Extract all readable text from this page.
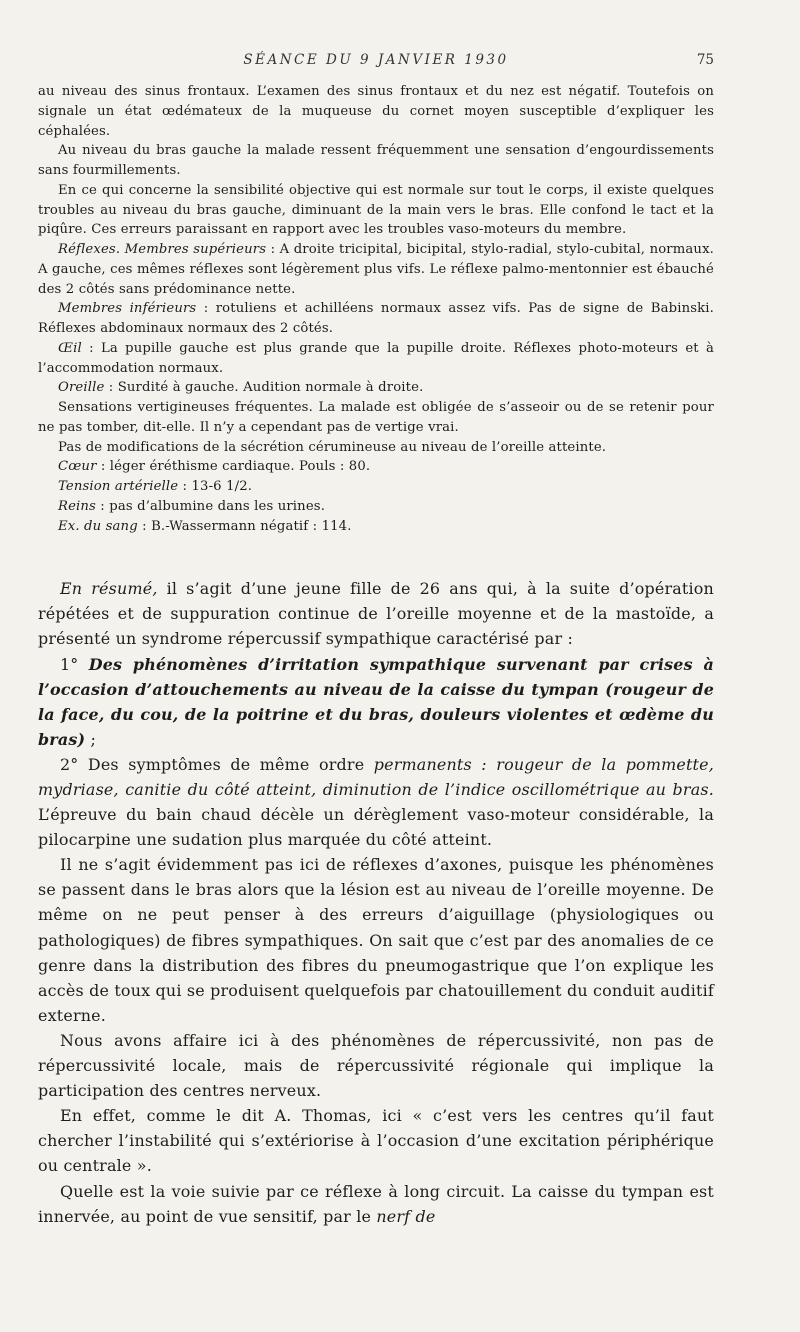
SÉANCE DU 9 JANVIER 1930	75

au niveau des sinus frontaux. L’examen des sinus frontaux et du nez est négatif. Toutefois on signale un état œdémateux de la muqueuse du cornet moyen susceptible d’expliquer les céphalées.

Au niveau du bras gauche la malade ressent fréquemment une sensation d’engourdissements sans fourmillements.

En ce qui concerne la sensibilité objective qui est normale sur tout le corps, il existe quelques troubles au niveau du bras gauche, diminuant de la main vers le bras. Elle confond le tact et la piqûre. Ces erreurs paraissant en rapport avec les troubles vaso-moteurs du membre.

Réflexes. Membres supérieurs : A droite tricipital, bicipital, stylo-radial, stylo-cubital, normaux. A gauche, ces mêmes réflexes sont légèrement plus vifs. Le réflexe palmo-mentonnier est ébauché des 2 côtés sans prédominance nette.

Membres inférieurs : rotuliens et achilléens normaux assez vifs. Pas de signe de Babinski. Réflexes abdominaux normaux des 2 côtés.

Œil : La pupille gauche est plus grande que la pupille droite. Réflexes photo-moteurs et à l’accommodation normaux.

Oreille : Surdité à gauche. Audition normale à droite.

Sensations vertigineuses fréquentes. La malade est obligée de s’asseoir ou de se retenir pour ne pas tomber, dit-elle. Il n’y a cependant pas de vertige vrai.

Pas de modifications de la sécrétion cérumineuse au niveau de l’oreille atteinte.

Cœur : léger éréthisme cardiaque. Pouls : 80.

Tension artérielle : 13-6 1/2.

Reins : pas d’albumine dans les urines.

Ex. du sang : B.-Wassermann négatif : 114.

En résumé, il s’agit d’une jeune fille de 26 ans qui, à la suite d’opération répétées et de suppuration continue de l’oreille moyenne et de la mastoïde, a présenté un syndrome répercussif sympathique caractérisé par :

1° Des phénomènes d’irritation sympathique survenant par crises à l’occasion d’attouchements au niveau de la caisse du tympan (rougeur de la face, du cou, de la poitrine et du bras, douleurs violentes et œdème du bras) ;

2° Des symptômes de même ordre permanents : rougeur de la pommette, mydriase, canitie du côté atteint, diminution de l’indice oscillométrique au bras. L’épreuve du bain chaud décèle un dérèglement vaso-moteur considérable, la pilocarpine une sudation plus marquée du côté atteint.

Il ne s’agit évidemment pas ici de réflexes d’axones, puisque les phénomènes se passent dans le bras alors que la lésion est au niveau de l’oreille moyenne. De même on ne peut penser à des erreurs d’aiguillage (physiologiques ou pathologiques) de fibres sympathiques. On sait que c’est par des anomalies de ce genre dans la distribution des fibres du pneumogastrique que l’on explique les accès de toux qui se produisent quelquefois par chatouillement du conduit auditif externe.

Nous avons affaire ici à des phénomènes de répercussivité, non pas de répercussivité locale, mais de répercussivité régionale qui implique la participation des centres nerveux.

En effet, comme le dit A. Thomas, ici « c’est vers les centres qu’il faut chercher l’instabilité qui s’extériorise à l’occasion d’une excitation périphérique ou centrale ».

Quelle est la voie suivie par ce réflexe à long circuit. La caisse du tympan est innervée, au point de vue sensitif, par le nerf de
